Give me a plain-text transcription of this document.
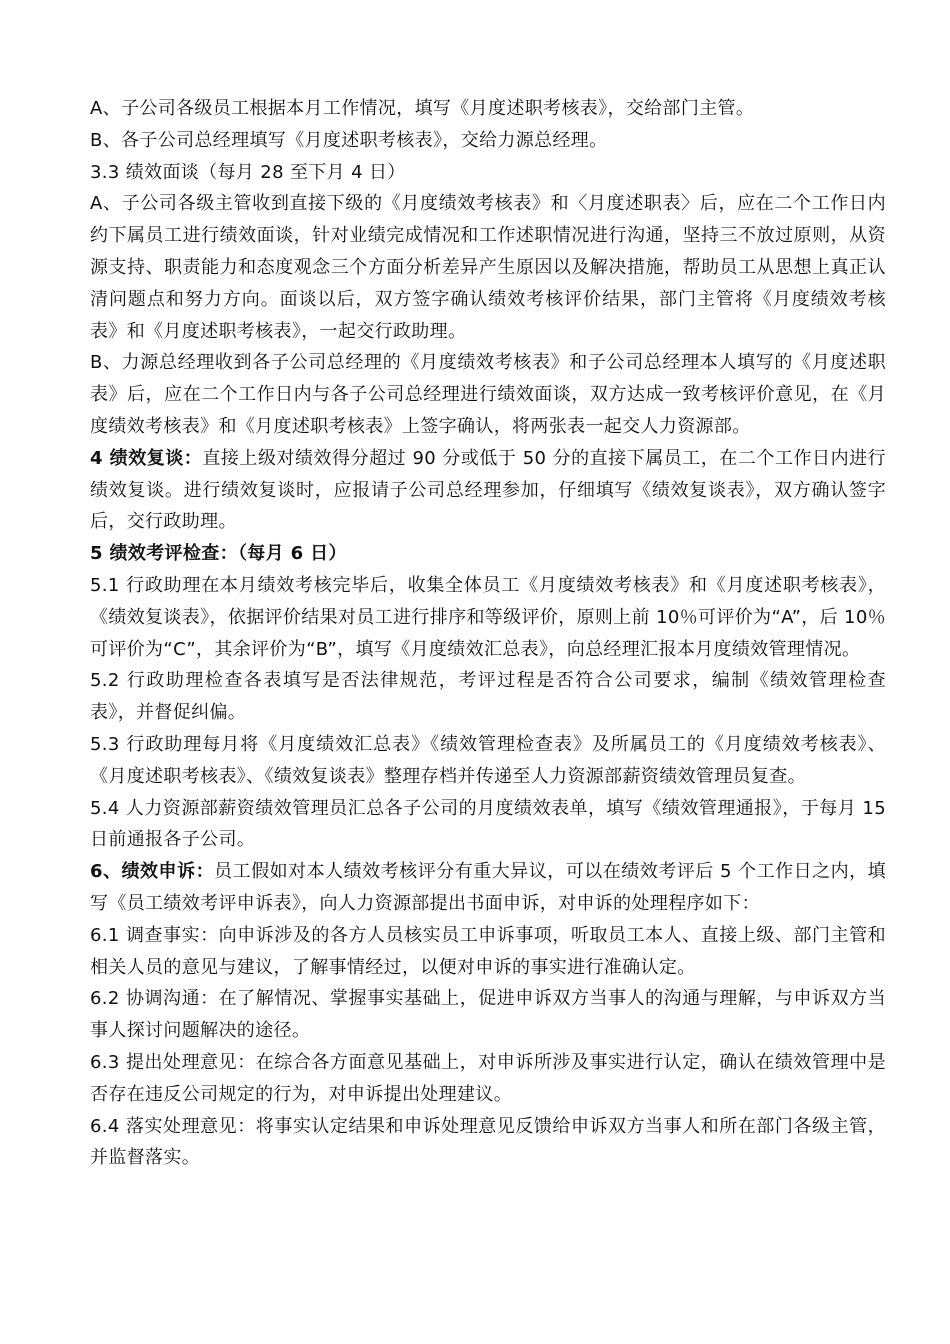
A、子公司各级员工根据本月工作情况，填写《月度述职考核表》，交给部门主管。

B、各子公司总经理填写《月度述职考核表》，交给力源总经理。

3.3 绩效面谈（每月 28 至下月 4 日）

A、子公司各级主管收到直接下级的《月度绩效考核表》和〈月度述职表〉后，应在二个工作日内约下属员工进行绩效面谈，针对业绩完成情况和工作述职情况进行沟通，坚持三不放过原则，从资源支持、职责能力和态度观念三个方面分析差异产生原因以及解决措施，帮助员工从思想上真正认清问题点和努力方向。面谈以后，双方签字确认绩效考核评价结果，部门主管将《月度绩效考核表》和《月度述职考核表》，一起交行政助理。

B、力源总经理收到各子公司总经理的《月度绩效考核表》和子公司总经理本人填写的《月度述职表》后，应在二个工作日内与各子公司总经理进行绩效面谈，双方达成一致考核评价意见，在《月度绩效考核表》和《月度述职考核表》上签字确认，将两张表一起交人力资源部。

4 绩效复谈：直接上级对绩效得分超过 90 分或低于 50 分的直接下属员工，在二个工作日内进行绩效复谈。进行绩效复谈时，应报请子公司总经理参加，仔细填写《绩效复谈表》，双方确认签字后，交行政助理。

5 绩效考评检查：（每月 6 日）

5.1 行政助理在本月绩效考核完毕后，收集全体员工《月度绩效考核表》和《月度述职考核表》，《绩效复谈表》，依据评价结果对员工进行排序和等级评价，原则上前 10％可评价为“A”，后 10％可评价为“C”，其余评价为“B”，填写《月度绩效汇总表》，向总经理汇报本月度绩效管理情况。

5.2 行政助理检查各表填写是否法律规范，考评过程是否符合公司要求，编制《绩效管理检查表》，并督促纠偏。

5.3 行政助理每月将《月度绩效汇总表》《绩效管理检查表》及所属员工的《月度绩效考核表》、《月度述职考核表》、《绩效复谈表》整理存档并传递至人力资源部薪资绩效管理员复查。

5.4 人力资源部薪资绩效管理员汇总各子公司的月度绩效表单，填写《绩效管理通报》，于每月 15 日前通报各子公司。

6、绩效申诉：员工假如对本人绩效考核评分有重大异议，可以在绩效考评后 5 个工作日之内，填写《员工绩效考评申诉表》，向人力资源部提出书面申诉，对申诉的处理程序如下：

6.1 调查事实：向申诉涉及的各方人员核实员工申诉事项，听取员工本人、直接上级、部门主管和相关人员的意见与建议，了解事情经过，以便对申诉的事实进行准确认定。

6.2 协调沟通：在了解情况、掌握事实基础上，促进申诉双方当事人的沟通与理解，与申诉双方当事人探讨问题解决的途径。

6.3 提出处理意见：在综合各方面意见基础上，对申诉所涉及事实进行认定，确认在绩效管理中是否存在违反公司规定的行为，对申诉提出处理建议。

6.4 落实处理意见：将事实认定结果和申诉处理意见反馈给申诉双方当事人和所在部门各级主管，并监督落实。
